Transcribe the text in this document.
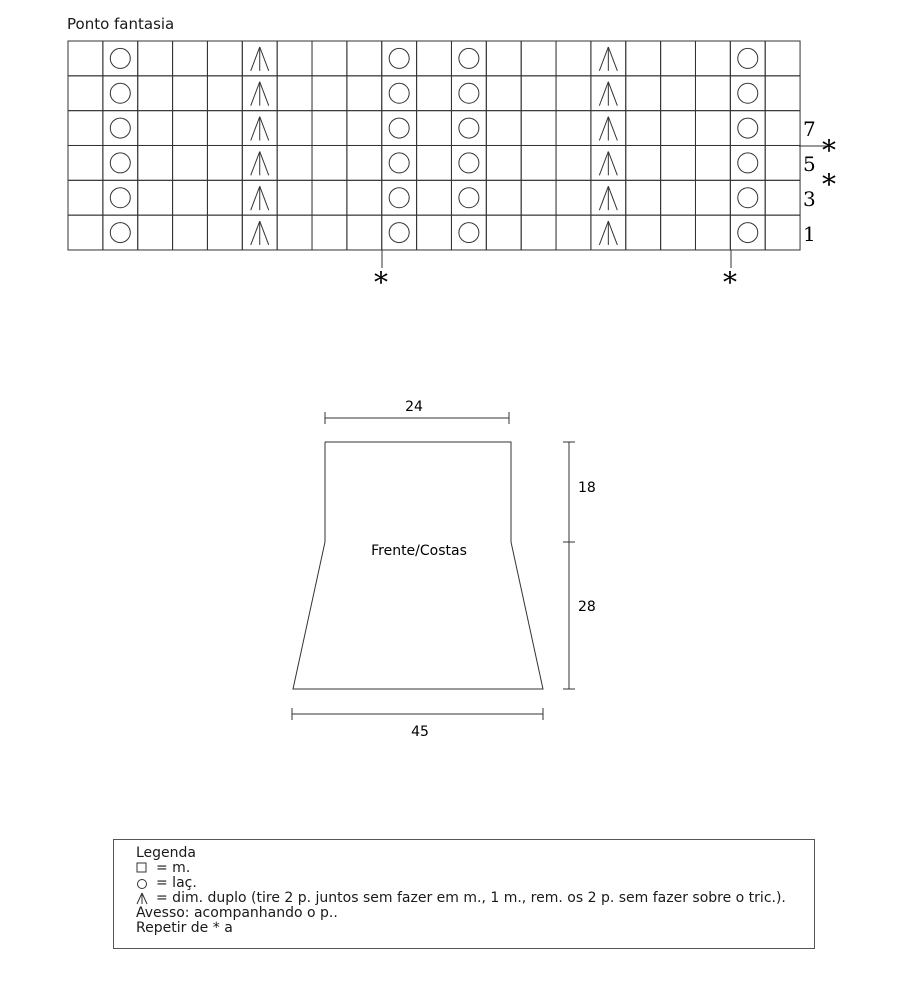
Ponto fantasia
7
5
3
1
*
*
*	*
24
45
18
28
Frente/Costas
Legenda
= m.
= laç.
= dim. duplo (tire 2 p. juntos sem fazer em m., 1 m., rem. os 2 p. sem fazer sobre o tric.).
Avesso: acompanhando o p..
Repetir de * a
